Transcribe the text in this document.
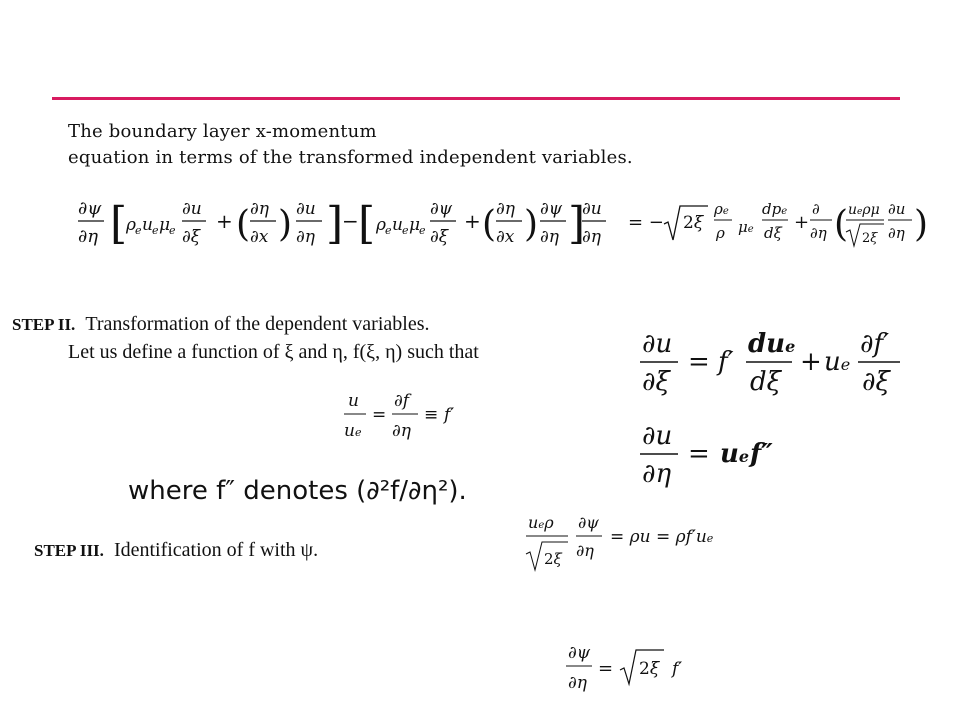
The boundary layer x-momentum
equation in terms of the transformed independent variables.
∂ψ
∂η [
ρ e u e μ
e
∂u
∂ξ
+ ( ∂η
∂x ) ∂u
∂η ]
− [ ρ e u e μ
e
∂ψ
∂ξ
+ ( ∂η
∂x ) ∂ψ
∂η ]
∂u
∂η
= − 2ξ
ρe
ρ μe
dpe
dξ +
∂
∂η ( ueρμ
2ξ
∂u
∂η )
STEP II. Transformation of the dependent variables.
Let us define a function of ξ and η, f(ξ, η) such that
u
ue
=
∂f
∂η
≡ f′
where f″ denotes (∂²f/∂η²).
∂u
∂ξ
= f′
due
dξ
+ ue
∂f′
∂ξ
∂u
∂η
= ue f″
STEP III. Identification of f with ψ.
ueρ
2ξ
∂ψ
∂η
= ρu = ρf′ue
∂ψ
∂η
= 2ξ f′
